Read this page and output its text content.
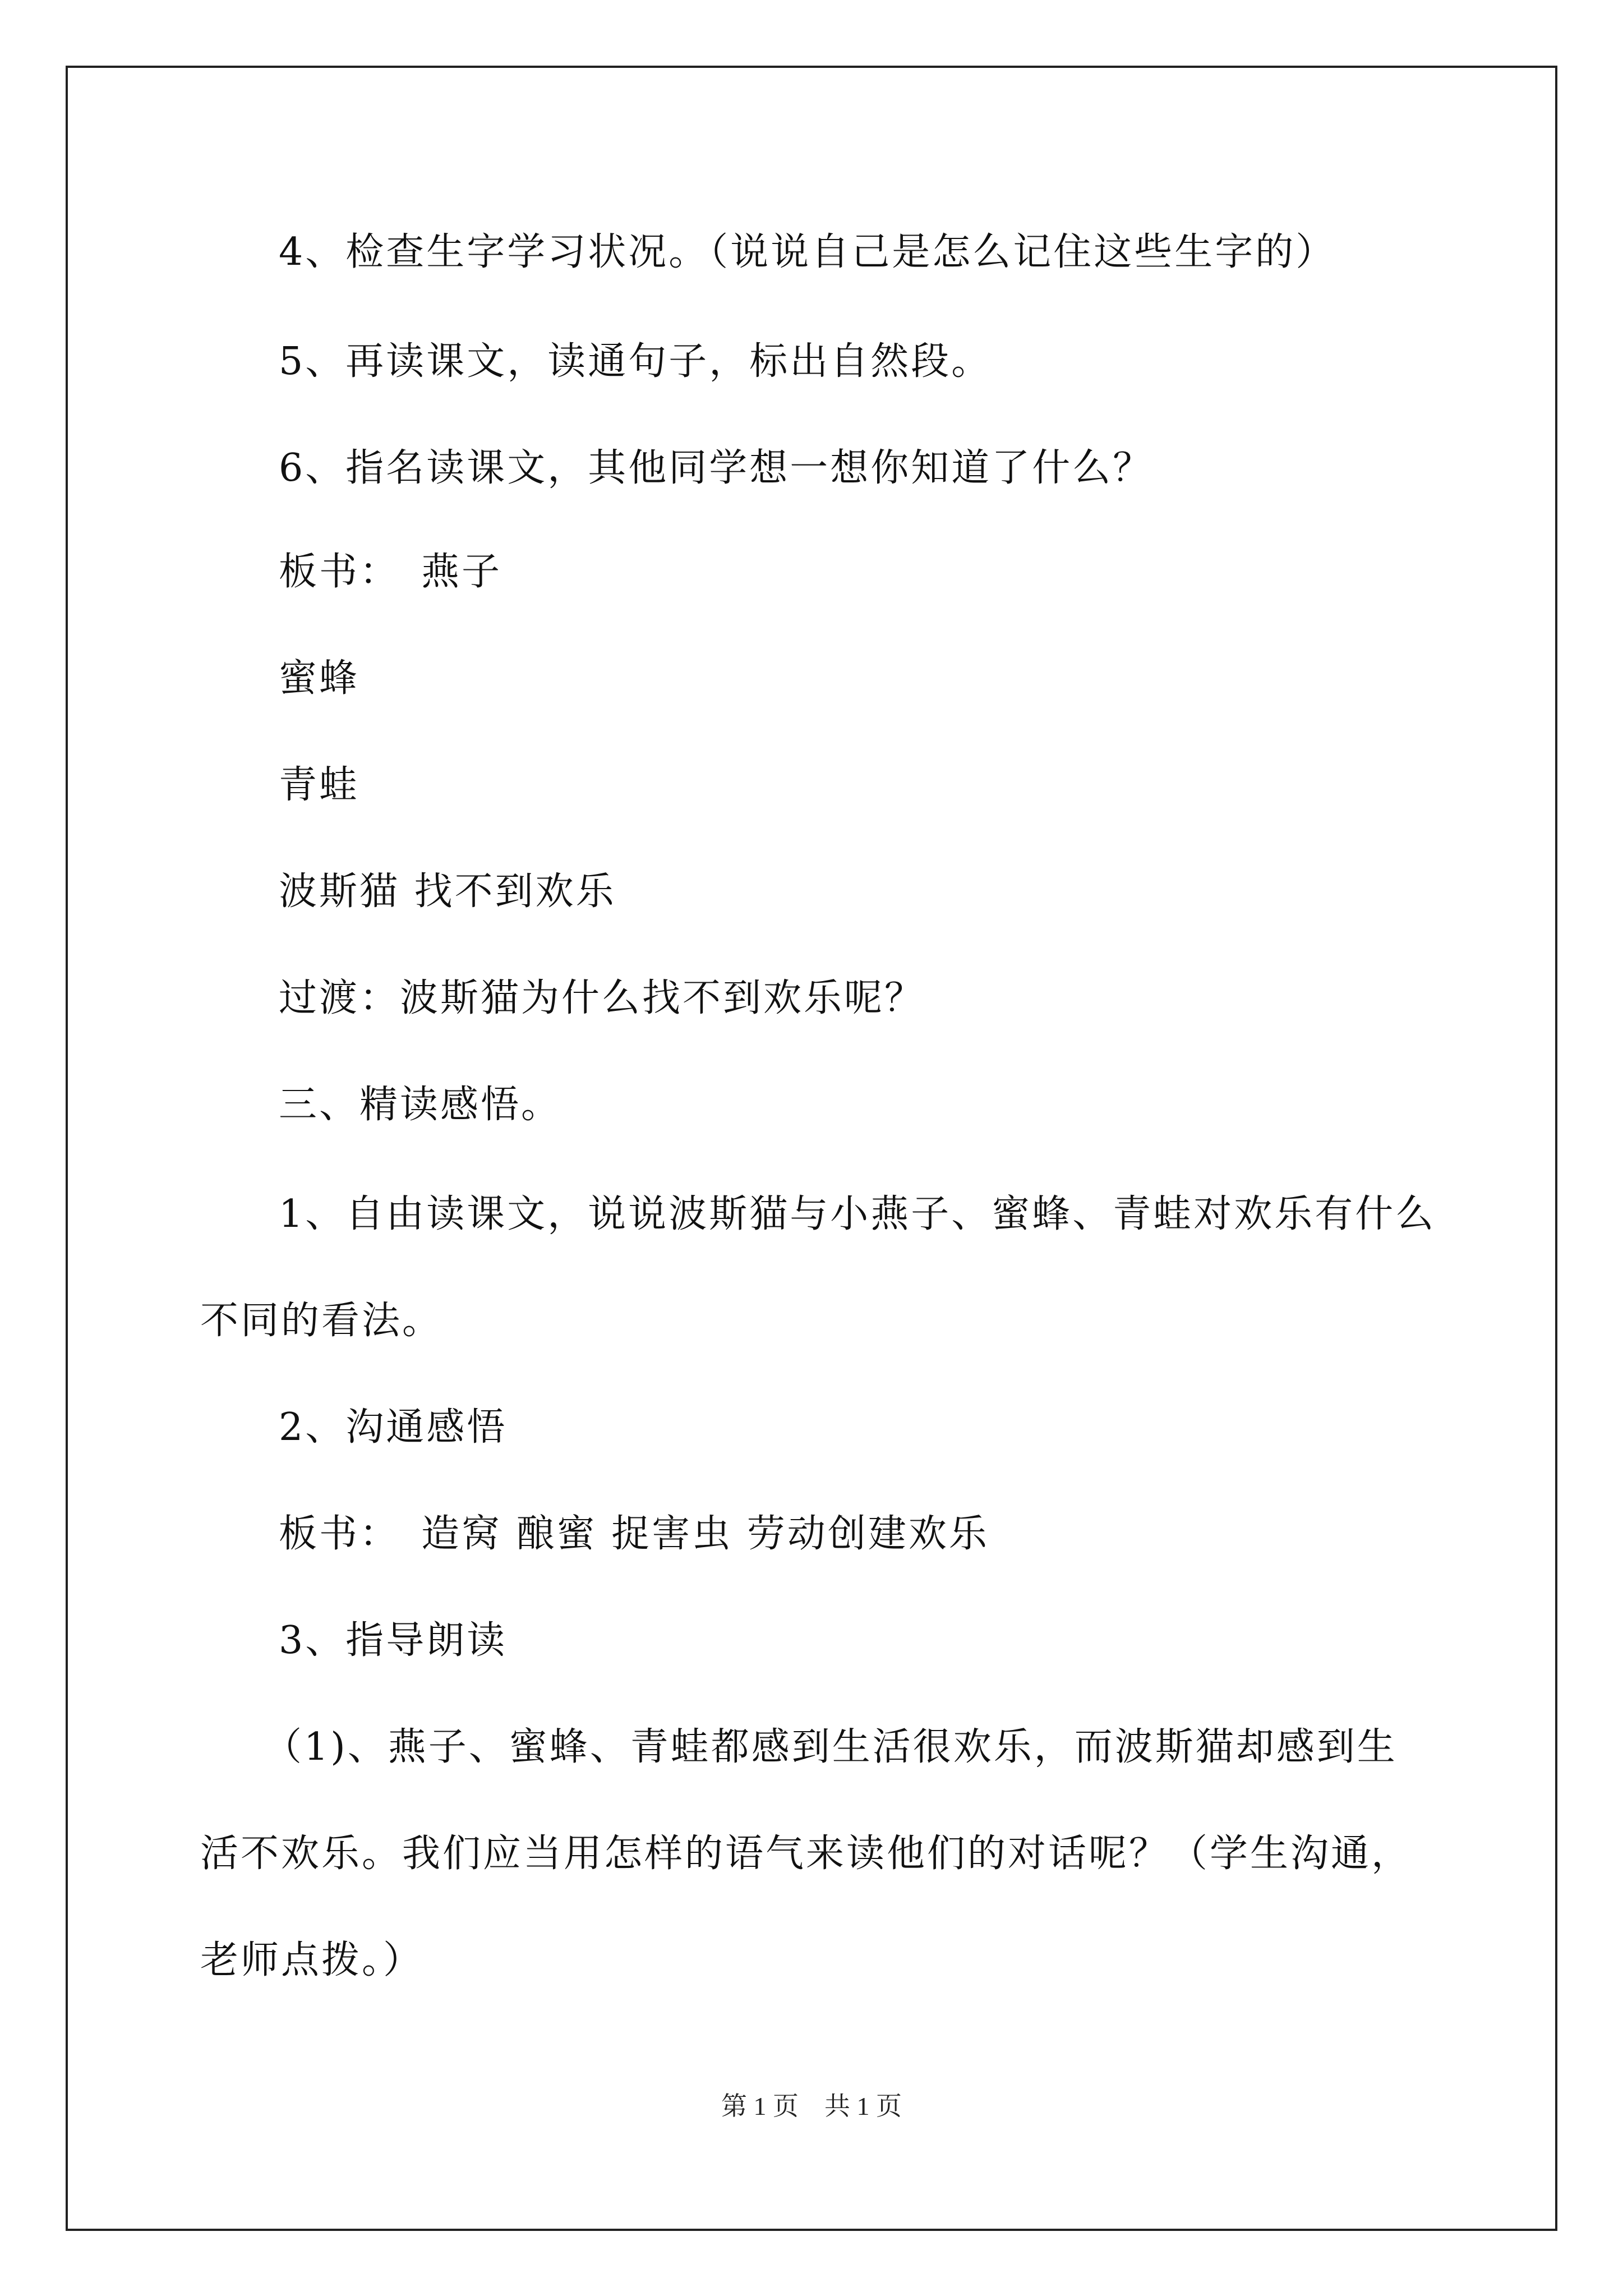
4、检查生字学习状况。（说说自己是怎么记住这些生字的）
5、再读课文，读通句子，标出自然段。
6、指名读课文，其他同学想一想你知道了什么？
板书：　燕子
蜜蜂
青蛙
波斯猫 找不到欢乐
过渡：波斯猫为什么找不到欢乐呢？
三、精读感悟。
1、自由读课文，说说波斯猫与小燕子、蜜蜂、青蛙对欢乐有什么
不同的看法。
2、沟通感悟
板书：　造窝 酿蜜 捉害虫 劳动创建欢乐
3、指导朗读
（1)、燕子、蜜蜂、青蛙都感到生活很欢乐，而波斯猫却感到生
活不欢乐。我们应当用怎样的语气来读他们的对话呢？（学生沟通，
老师点拨。）
第 1 页　共 1 页
